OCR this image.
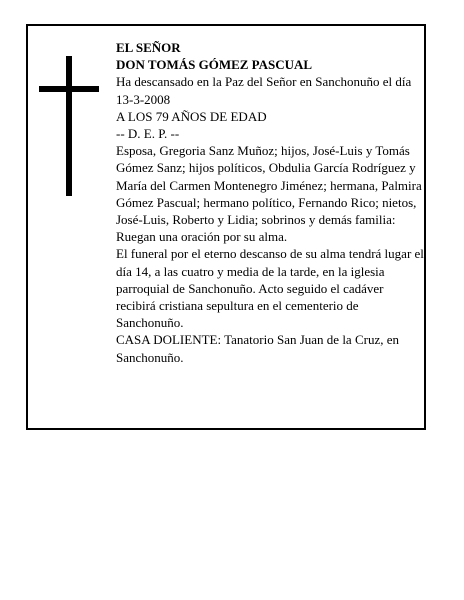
EL SEÑOR

DON TOMÁS GÓMEZ PASCUAL

Ha descansado en la Paz del Señor en Sanchonuño el día 13-3-2008

A LOS 79 AÑOS DE EDAD

-- D. E. P. --

Esposa, Gregoria Sanz Muñoz; hijos, José-Luis y Tomás Gómez Sanz; hijos políticos, Obdulia García Rodríguez y María del Carmen Montenegro Jiménez; hermana, Palmira Gómez Pascual; hermano político, Fernando Rico; nietos, José-Luis, Roberto y Lidia; sobrinos y demás familia:

Ruegan una oración por su alma.

El funeral por el eterno descanso de su alma tendrá lugar el día 14, a las cuatro y media de la tarde, en la iglesia parroquial de Sanchonuño. Acto seguido el cadáver recibirá cristiana sepultura en el cementerio de Sanchonuño.

CASA DOLIENTE: Tanatorio San Juan de la Cruz, en Sanchonuño.
